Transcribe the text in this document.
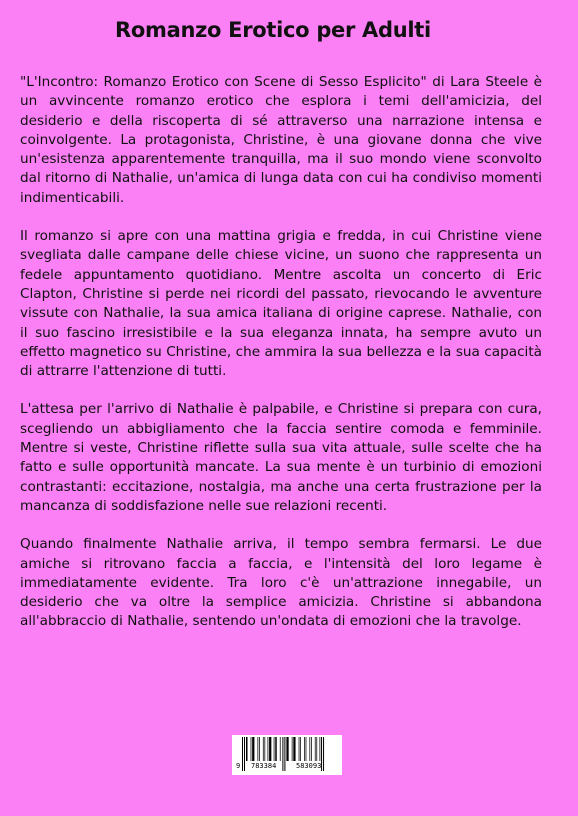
Romanzo Erotico per Adulti

"L'Incontro: Romanzo Erotico con Scene di Sesso Esplicito" di Lara Steele è un avvincente romanzo erotico che esplora i temi dell'amicizia, del desiderio e della riscoperta di sé attraverso una narrazione intensa e coinvolgente. La protagonista, Christine, è una giovane donna che vive un'esistenza apparentemente tranquilla, ma il suo mondo viene sconvolto dal ritorno di Nathalie, un'amica di lunga data con cui ha condiviso momenti indimenticabili.

Il romanzo si apre con una mattina grigia e fredda, in cui Christine viene svegliata dalle campane delle chiese vicine, un suono che rappresenta un fedele appuntamento quotidiano. Mentre ascolta un concerto di Eric Clapton, Christine si perde nei ricordi del passato, rievocando le avventure vissute con Nathalie, la sua amica italiana di origine caprese. Nathalie, con il suo fascino irresistibile e la sua eleganza innata, ha sempre avuto un effetto magnetico su Christine, che ammira la sua bellezza e la sua capacità di attrarre l'attenzione di tutti.

L'attesa per l'arrivo di Nathalie è palpabile, e Christine si prepara con cura, scegliendo un abbigliamento che la faccia sentire comoda e femminile. Mentre si veste, Christine riflette sulla sua vita attuale, sulle scelte che ha fatto e sulle opportunità mancate. La sua mente è un turbinio di emozioni contrastanti: eccitazione, nostalgia, ma anche una certa frustrazione per la mancanza di soddisfazione nelle sue relazioni recenti.

Quando finalmente Nathalie arriva, il tempo sembra fermarsi. Le due amiche si ritrovano faccia a faccia, e l'intensità del loro legame è immediatamente evidente. Tra loro c'è un'attrazione innegabile, un desiderio che va oltre la semplice amicizia. Christine si abbandona all'abbraccio di Nathalie, sentendo un'ondata di emozioni che la travolge.

9 783384	583093
